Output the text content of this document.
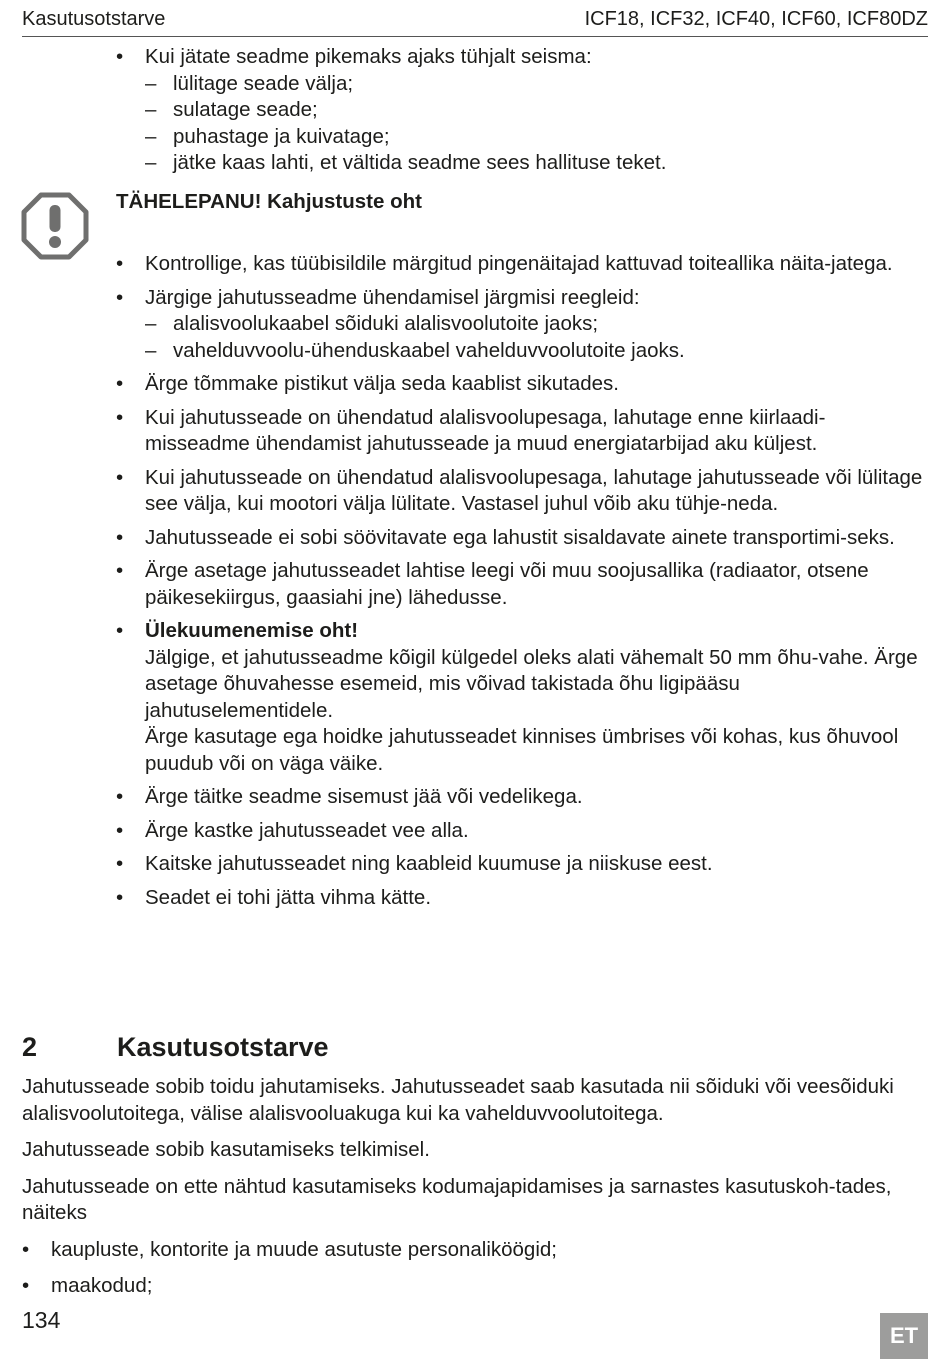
Kasutusotstarve	ICF18, ICF32, ICF40, ICF60, ICF80DZ
• Kui jätate seadme pikemaks ajaks tühjalt seisma:
– lülitage seade välja;
– sulatage seade;
– puhastage ja kuivatage;
– jätke kaas lahti, et vältida seadme sees hallituse teket.
TÄHELEPANU! Kahjustuste oht
• Kontrollige, kas tüübisildile märgitud pingenäitajad kattuvad toiteallika näita-jatega.
• Järgige jahutusseadme ühendamisel järgmisi reegleid:
– alalisvoolukaabel sõiduki alalisvoolutoite jaoks;
– vahelduvvoolu-ühenduskaabel vahelduvvoolutoite jaoks.
• Ärge tõmmake pistikut välja seda kaablist sikutades.
• Kui jahutusseade on ühendatud alalisvoolupesaga, lahutage enne kiirlaadi-misseadme ühendamist jahutusseade ja muud energiatarbijad aku küljest.
• Kui jahutusseade on ühendatud alalisvoolupesaga, lahutage jahutusseade või lülitage see välja, kui mootori välja lülitate. Vastasel juhul võib aku tühje-neda.
• Jahutusseade ei sobi söövitavate ega lahustit sisaldavate ainete transportimi-seks.
• Ärge asetage jahutusseadet lahtise leegi või muu soojusallika (radiaator, otsene päikesekiirgus, gaasiahi jne) lähedusse.
• Ülekuumenemise oht!
Jälgige, et jahutusseadme kõigil külgedel oleks alati vähemalt 50 mm õhu-vahe. Ärge asetage õhuvahesse esemeid, mis võivad takistada õhu ligipääsu jahutuselementidele.
Ärge kasutage ega hoidke jahutusseadet kinnises ümbrises või kohas, kus õhuvool puudub või on väga väike.
• Ärge täitke seadme sisemust jää või vedelikega.
• Ärge kastke jahutusseadet vee alla.
• Kaitske jahutusseadet ning kaableid kuumuse ja niiskuse eest.
• Seadet ei tohi jätta vihma kätte.
2	Kasutusotstarve

Jahutusseade sobib toidu jahutamiseks. Jahutusseadet saab kasutada nii sõiduki või veesõiduki alalisvoolutoitega, välise alalisvooluakuga kui ka vahelduvvoolutoitega.

Jahutusseade sobib kasutamiseks telkimisel.

Jahutusseade on ette nähtud kasutamiseks kodumajapidamises ja sarnastes kasutuskoh-tades, näiteks

• kaupluste, kontorite ja muude asutuste personaliköögid;
• maakodud;
134
ET
